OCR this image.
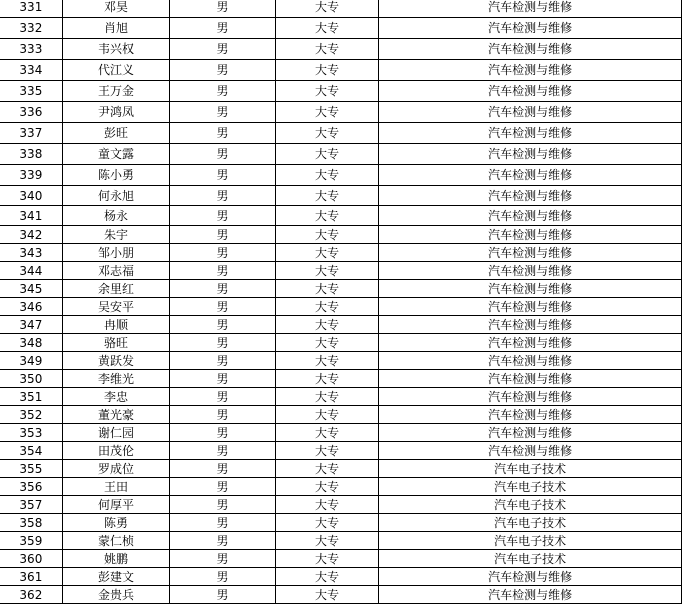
331	邓昊	男	大专	汽车检测与维修
332	肖旭	男	大专	汽车检测与维修
333	韦兴权	男	大专	汽车检测与维修
334	代江义	男	大专	汽车检测与维修
335	王万金	男	大专	汽车检测与维修
336	尹鸿凤	男	大专	汽车检测与维修
337	彭旺	男	大专	汽车检测与维修
338	童文露	男	大专	汽车检测与维修
339	陈小勇	男	大专	汽车检测与维修
340	何永旭	男	大专	汽车检测与维修
341	杨永	男	大专	汽车检测与维修
342	朱宇	男	大专	汽车检测与维修
343	邹小朋	男	大专	汽车检测与维修
344	邓志福	男	大专	汽车检测与维修
345	余里红	男	大专	汽车检测与维修
346	吴安平	男	大专	汽车检测与维修
347	冉顺	男	大专	汽车检测与维修
348	骆旺	男	大专	汽车检测与维修
349	黄跃发	男	大专	汽车检测与维修
350	李维光	男	大专	汽车检测与维修
351	李忠	男	大专	汽车检测与维修
352	董光豪	男	大专	汽车检测与维修
353	谢仁园	男	大专	汽车检测与维修
354	田茂伦	男	大专	汽车检测与维修
355	罗成位	男	大专	汽车电子技术
356	王田	男	大专	汽车电子技术
357	何厚平	男	大专	汽车电子技术
358	陈勇	男	大专	汽车电子技术
359	蒙仁桢	男	大专	汽车电子技术
360	姚鹏	男	大专	汽车电子技术
361	彭建文	男	大专	汽车检测与维修
362	金贵兵	男	大专	汽车检测与维修
